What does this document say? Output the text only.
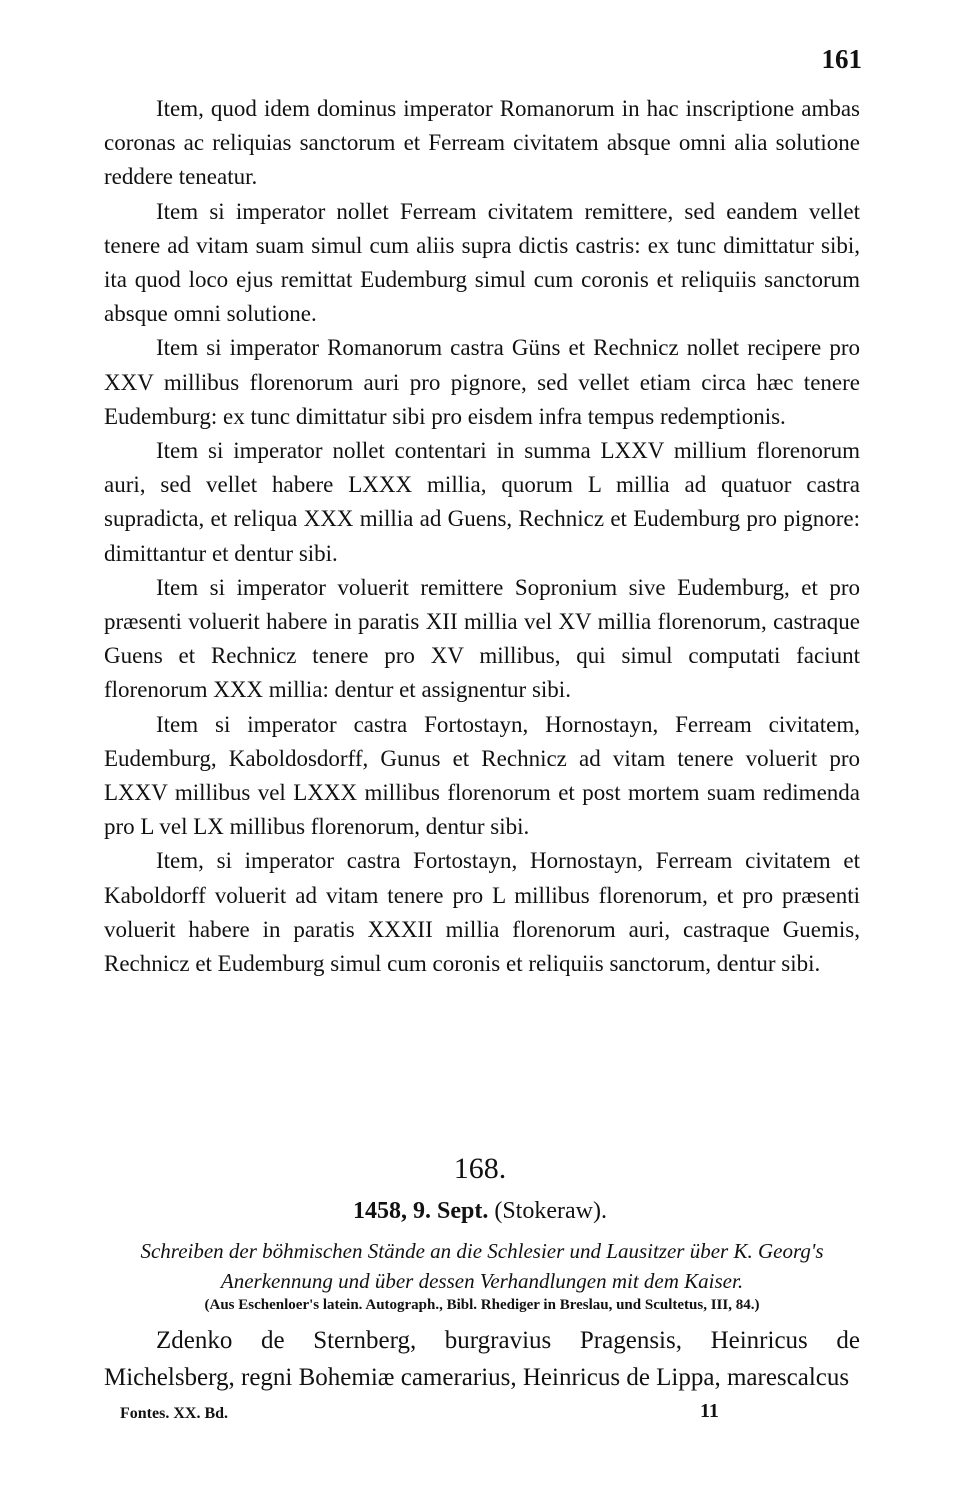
161

Item, quod idem dominus imperator Romanorum in hac inscriptione ambas coronas ac reliquias sanctorum et Ferream civitatem absque omni alia solutione reddere teneatur.

Item si imperator nollet Ferream civitatem remittere, sed eandem vellet tenere ad vitam suam simul cum aliis supra dictis castris: ex tunc dimittatur sibi, ita quod loco ejus remittat Eudemburg simul cum coronis et reliquiis sanctorum absque omni solutione.

Item si imperator Romanorum castra Güns et Rechnicz nollet recipere pro XXV millibus florenorum auri pro pignore, sed vellet etiam circa hæc tenere Eudemburg: ex tunc dimittatur sibi pro eisdem infra tempus redemptionis.

Item si imperator nollet contentari in summa LXXV millium florenorum auri, sed vellet habere LXXX millia, quorum L millia ad quatuor castra supradicta, et reliqua XXX millia ad Guens, Rechnicz et Eudemburg pro pignore: dimittantur et dentur sibi.

Item si imperator voluerit remittere Sopronium sive Eudemburg, et pro præsenti voluerit habere in paratis XII millia vel XV millia florenorum, castraque Guens et Rechnicz tenere pro XV millibus, qui simul computati faciunt florenorum XXX millia: dentur et assignentur sibi.

Item si imperator castra Fortostayn, Hornostayn, Ferream civitatem, Eudemburg, Kaboldosdorff, Gunus et Rechnicz ad vitam tenere voluerit pro LXXV millibus vel LXXX millibus florenorum et post mortem suam redimenda pro L vel LX millibus florenorum, dentur sibi.

Item, si imperator castra Fortostayn, Hornostayn, Ferream civitatem et Kaboldorff voluerit ad vitam tenere pro L millibus florenorum, et pro præsenti voluerit habere in paratis XXXII millia florenorum auri, castraque Guemis, Rechnicz et Eudemburg simul cum coronis et reliquiis sanctorum, dentur sibi.

168.
1458, 9. Sept. (Stokeraw).
Schreiben der böhmischen Stände an die Schlesier und Lausitzer über K. Georg's Anerkennung und über dessen Verhandlungen mit dem Kaiser.
(Aus Eschenloer's latein. Autograph., Bibl. Rhediger in Breslau, und Scultetus, III, 84.)

Zdenko de Sternberg, burgravius Pragensis, Heinricus de Michelsberg, regni Bohemiæ camerarius, Heinricus de Lippa, marescalcus

Fontes. XX. Bd.	11
